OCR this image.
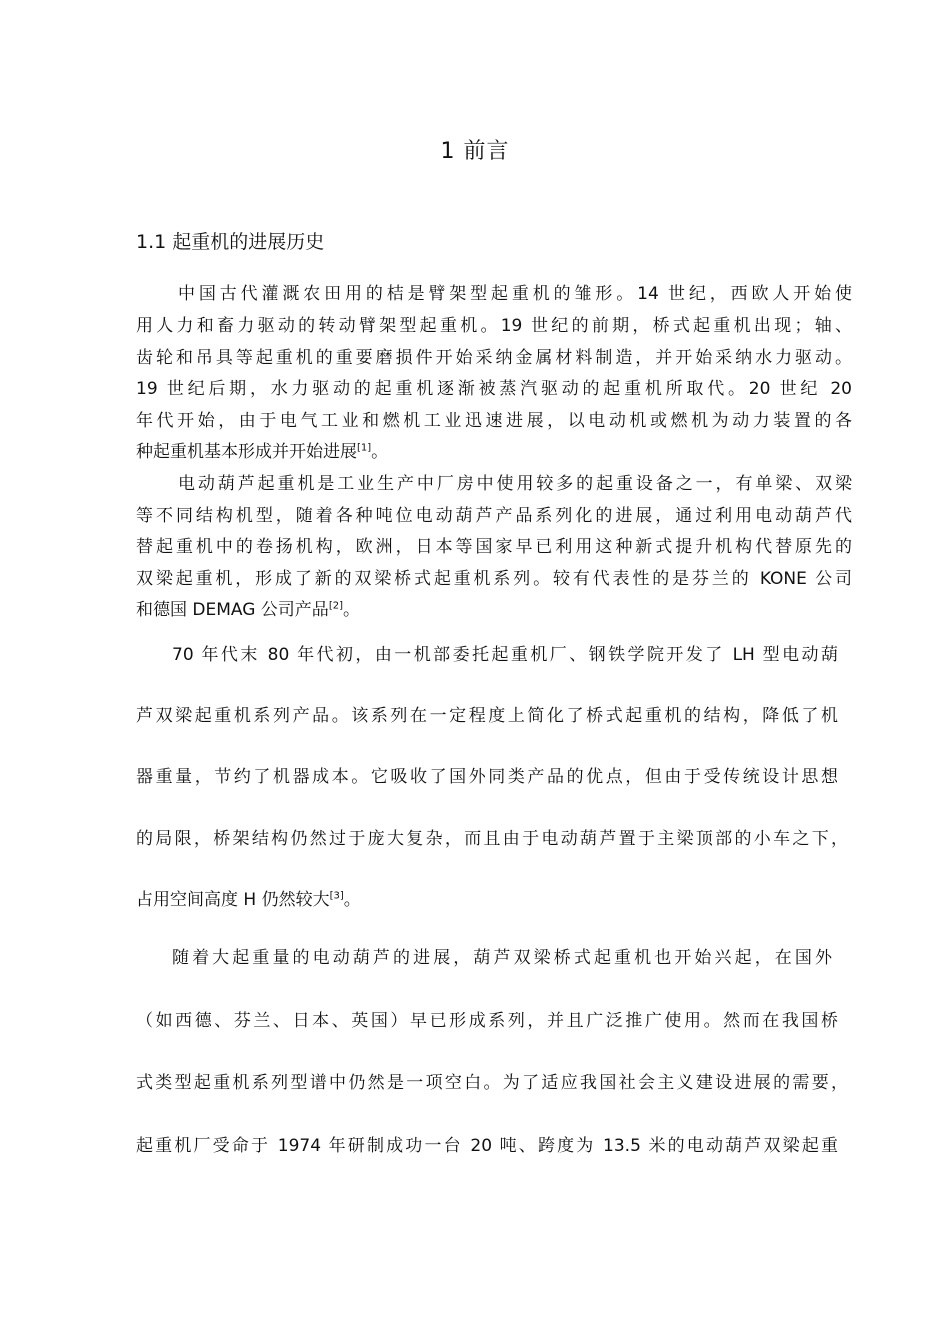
1 前言
1.1 起重机的进展历史
中国古代灌溉农田用的桔是臂架型起重机的雏形。14 世纪，西欧人开始使
用人力和畜力驱动的转动臂架型起重机。19 世纪的前期，桥式起重机出现；轴、
齿轮和吊具等起重机的重要磨损件开始采纳金属材料制造，并开始采纳水力驱动。
19 世纪后期，水力驱动的起重机逐渐被蒸汽驱动的起重机所取代。20 世纪 20
年代开始，由于电气工业和燃机工业迅速进展，以电动机或燃机为动力装置的各
种起重机基本形成并开始进展[1]。
电动葫芦起重机是工业生产中厂房中使用较多的起重设备之一，有单梁、双梁
等不同结构机型，随着各种吨位电动葫芦产品系列化的进展，通过利用电动葫芦代
替起重机中的卷扬机构，欧洲，日本等国家早已利用这种新式提升机构代替原先的
双梁起重机，形成了新的双梁桥式起重机系列。较有代表性的是芬兰的 KONE 公司
和德国 DEMAG 公司产品[2]。
70 年代末 80 年代初，由一机部委托起重机厂、钢铁学院开发了 LH 型电动葫
芦双梁起重机系列产品。该系列在一定程度上简化了桥式起重机的结构，降低了机
器重量，节约了机器成本。它吸收了国外同类产品的优点，但由于受传统设计思想
的局限，桥架结构仍然过于庞大复杂，而且由于电动葫芦置于主梁顶部的小车之下，
占用空间高度 H 仍然较大[3]。
随着大起重量的电动葫芦的进展，葫芦双梁桥式起重机也开始兴起，在国外
（如西德、芬兰、日本、英国）早已形成系列，并且广泛推广使用。然而在我国桥
式类型起重机系列型谱中仍然是一项空白。为了适应我国社会主义建设进展的需要，
起重机厂受命于 1974 年研制成功一台 20 吨、跨度为 13.5 米的电动葫芦双梁起重
